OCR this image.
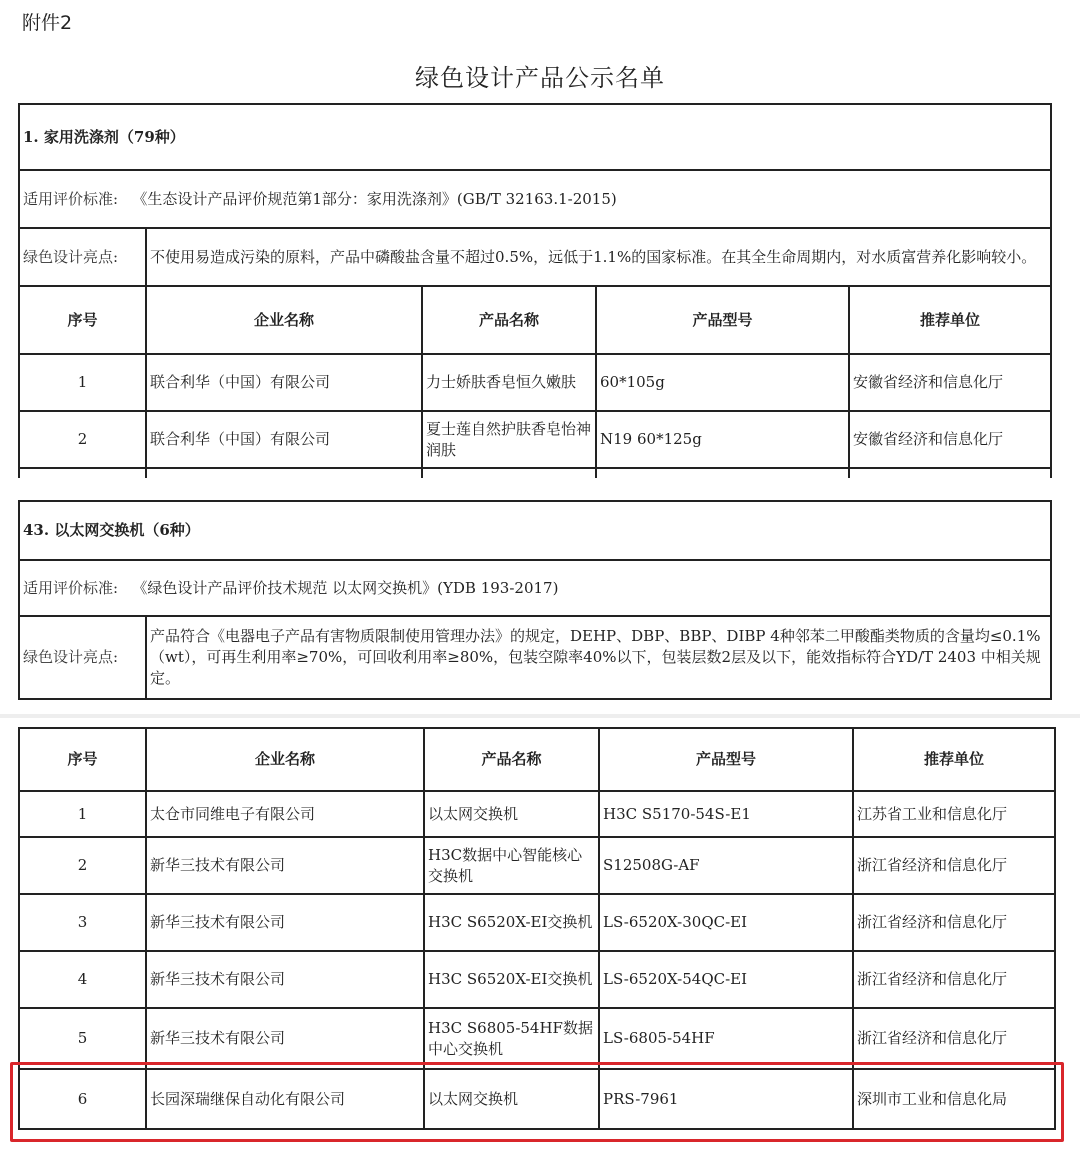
附件2
绿色设计产品公示名单
1. 家用洗涤剂（79种）				
适用评价标准: 《生态设计产品评价规范第1部分：家用洗涤剂》(GB/T 32163.1-2015)				
绿色设计亮点:	不使用易造成污染的原料，产品中磷酸盐含量不超过0.5%，远低于1.1%的国家标准。在其全生命周期内，对水质富营养化影响较小。			
序号	企业名称	产品名称	产品型号	推荐单位
1	联合利华（中国）有限公司	力士娇肤香皂恒久嫩肤	60*105g	安徽省经济和信息化厅
2	联合利华（中国）有限公司	夏士莲自然护肤香皂怡神润肤	N19 60*125g	安徽省经济和信息化厅

43. 以太网交换机（6种）
适用评价标准: 《绿色设计产品评价技术规范 以太网交换机》(YDB 193-2017)
绿色设计亮点:	产品符合《电器电子产品有害物质限制使用管理办法》的规定，DEHP、DBP、BBP、DIBP 4种邻苯二甲酸酯类物质的含量均≤0.1%（wt），可再生利用率≥70%，可回收利用率≥80%，包装空隙率40%以下，包装层数2层及以下，能效指标符合YD/T 2403 中相关规定。
序号	企业名称	产品名称	产品型号	推荐单位
1	太仓市同维电子有限公司	以太网交换机	H3C S5170-54S-E1	江苏省工业和信息化厅
2	新华三技术有限公司	H3C数据中心智能核心交换机	S12508G-AF	浙江省经济和信息化厅
3	新华三技术有限公司	H3C S6520X-EI交换机	LS-6520X-30QC-EI	浙江省经济和信息化厅
4	新华三技术有限公司	H3C S6520X-EI交换机	LS-6520X-54QC-EI	浙江省经济和信息化厅
5	新华三技术有限公司	H3C S6805-54HF数据中心交换机	LS-6805-54HF	浙江省经济和信息化厅
6	长园深瑞继保自动化有限公司	以太网交换机	PRS-7961	深圳市工业和信息化局
